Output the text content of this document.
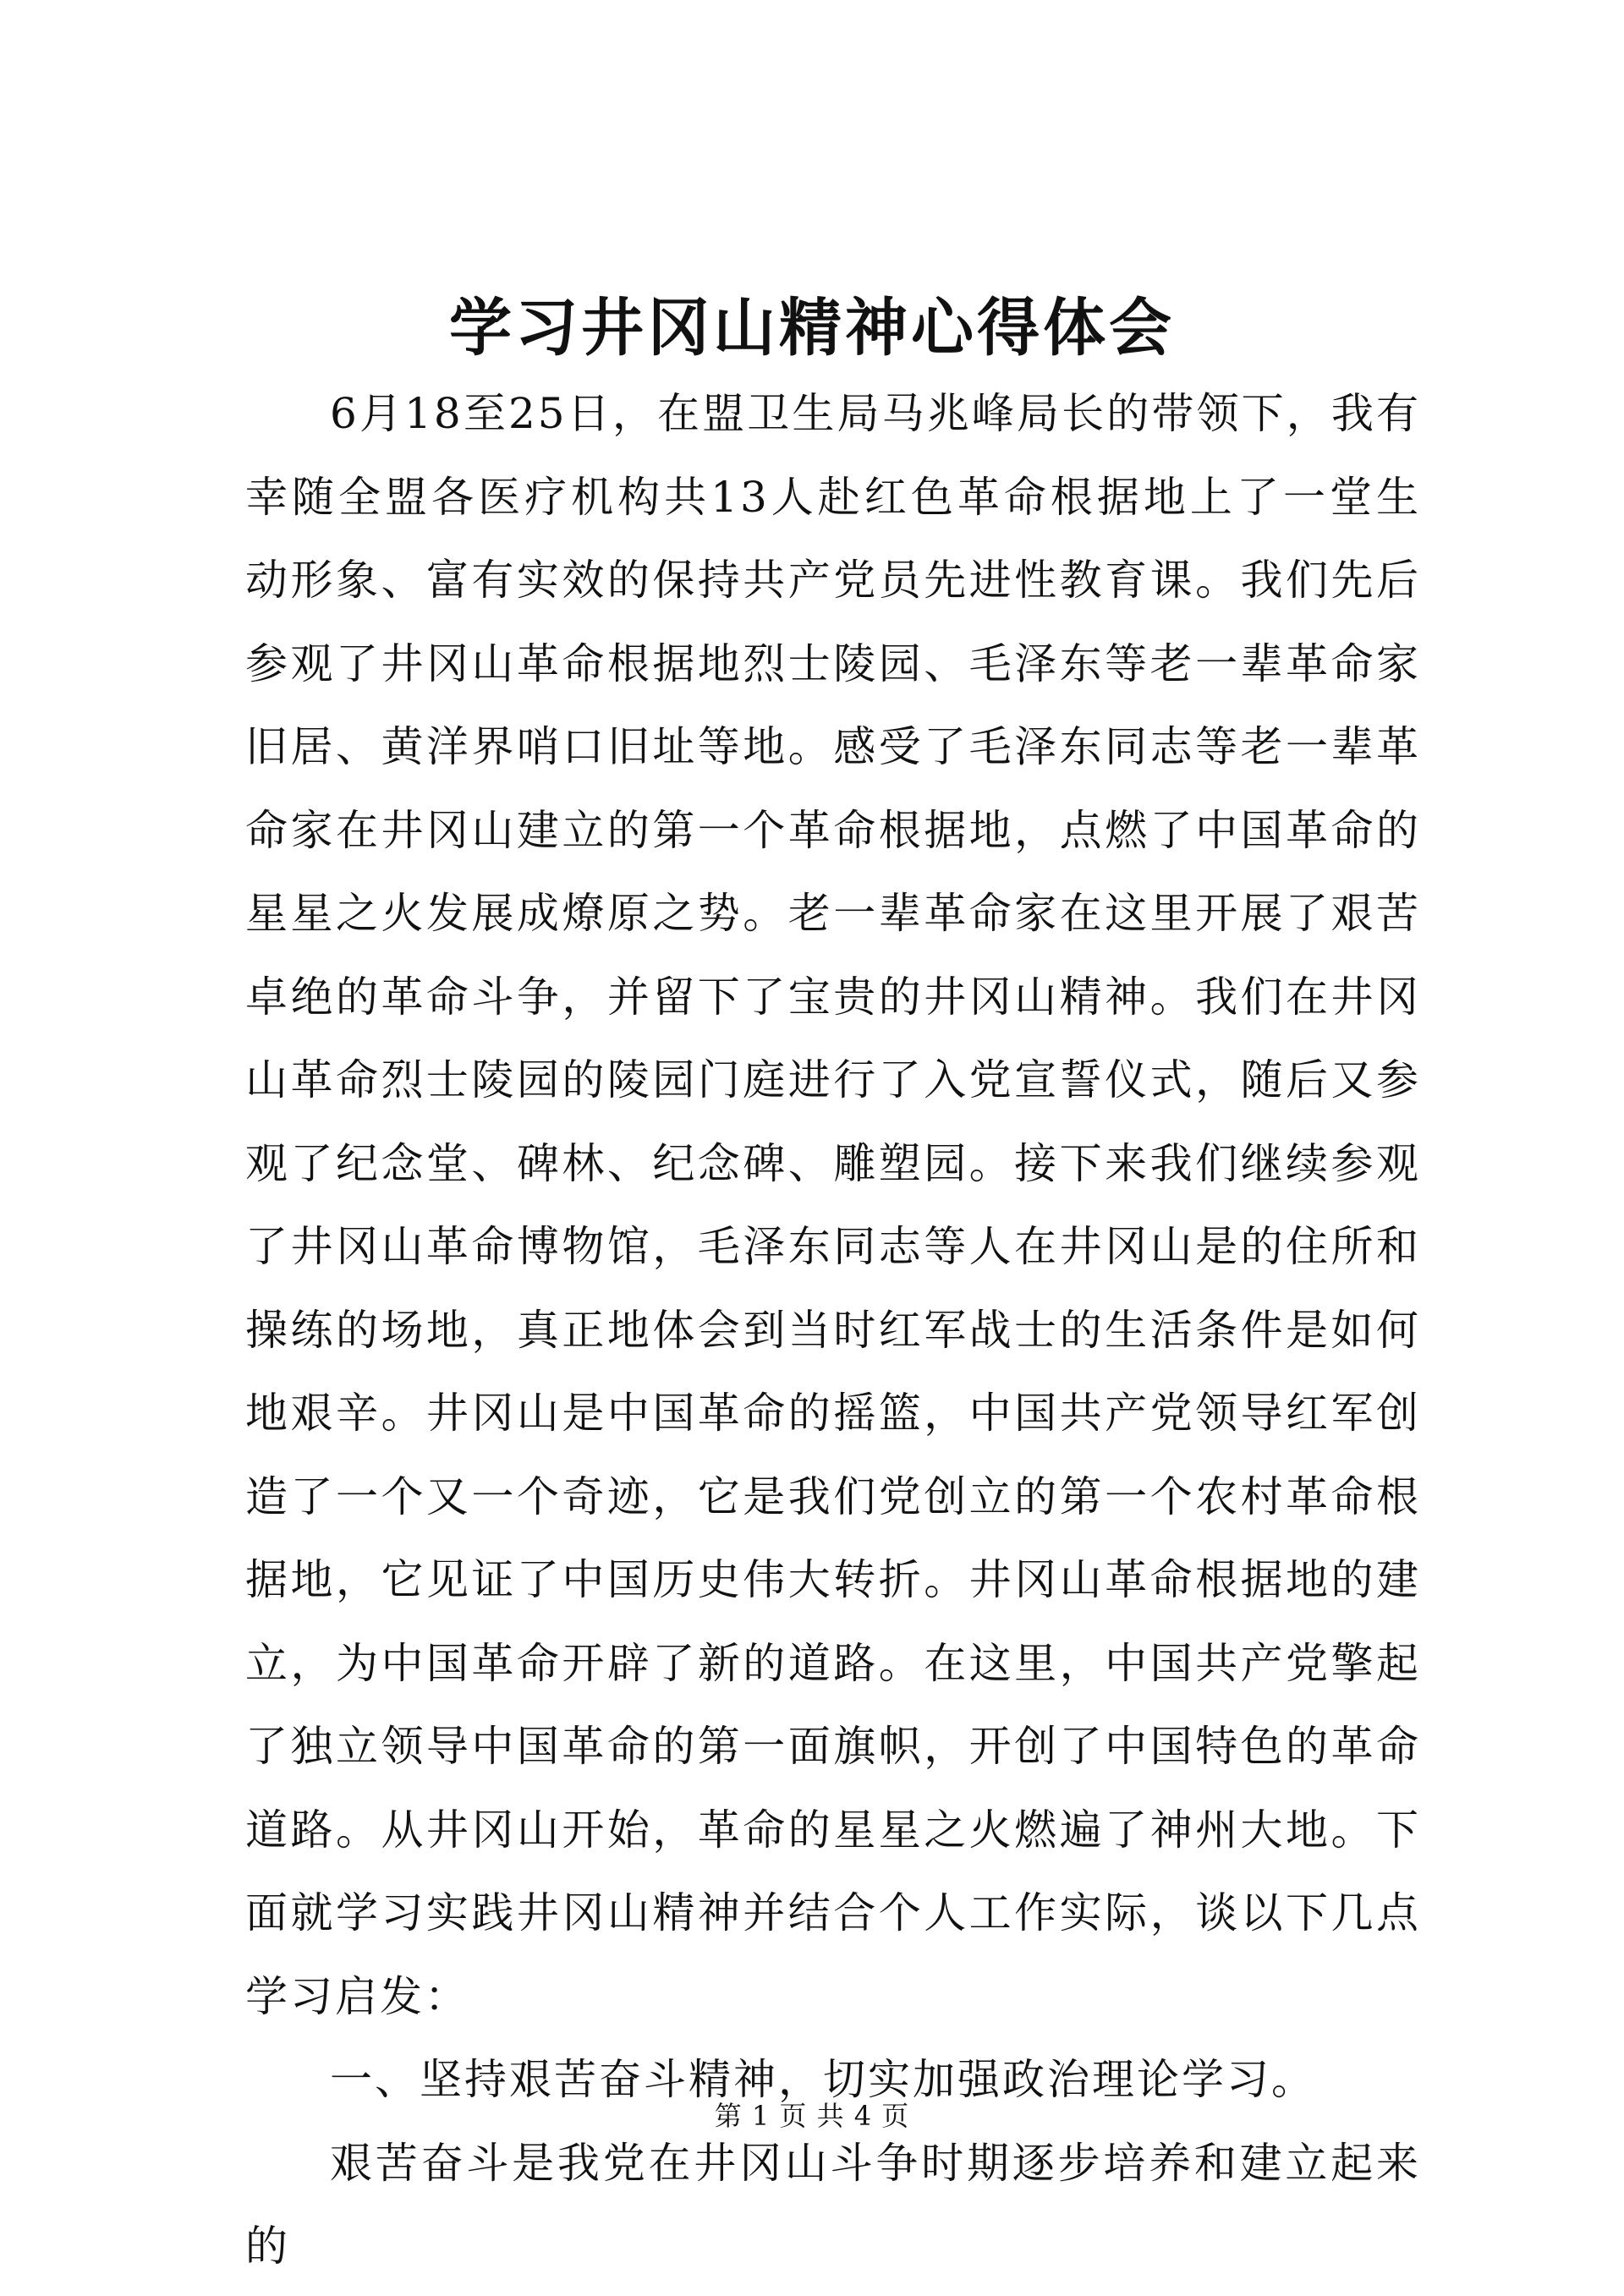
学习井冈山精神心得体会

6月18至25日，在盟卫生局马兆峰局长的带领下，我有幸随全盟各医疗机构共13人赴红色革命根据地上了一堂生动形象、富有实效的保持共产党员先进性教育课。我们先后参观了井冈山革命根据地烈士陵园、毛泽东等老一辈革命家旧居、黄洋界哨口旧址等地。感受了毛泽东同志等老一辈革命家在井冈山建立的第一个革命根据地，点燃了中国革命的星星之火发展成燎原之势。老一辈革命家在这里开展了艰苦卓绝的革命斗争，并留下了宝贵的井冈山精神。我们在井冈山革命烈士陵园的陵园门庭进行了入党宣誓仪式，随后又参观了纪念堂、碑林、纪念碑、雕塑园。接下来我们继续参观了井冈山革命博物馆，毛泽东同志等人在井冈山是的住所和操练的场地，真正地体会到当时红军战士的生活条件是如何地艰辛。井冈山是中国革命的摇篮，中国共产党领导红军创造了一个又一个奇迹，它是我们党创立的第一个农村革命根据地，它见证了中国历史伟大转折。井冈山革命根据地的建立，为中国革命开辟了新的道路。在这里，中国共产党擎起了独立领导中国革命的第一面旗帜，开创了中国特色的革命道路。从井冈山开始，革命的星星之火燃遍了神州大地。下面就学习实践井冈山精神并结合个人工作实际，谈以下几点学习启发：

一、坚持艰苦奋斗精神，切实加强政治理论学习。

艰苦奋斗是我党在井冈山斗争时期逐步培养和建立起来的

第 1 页 共 4 页
